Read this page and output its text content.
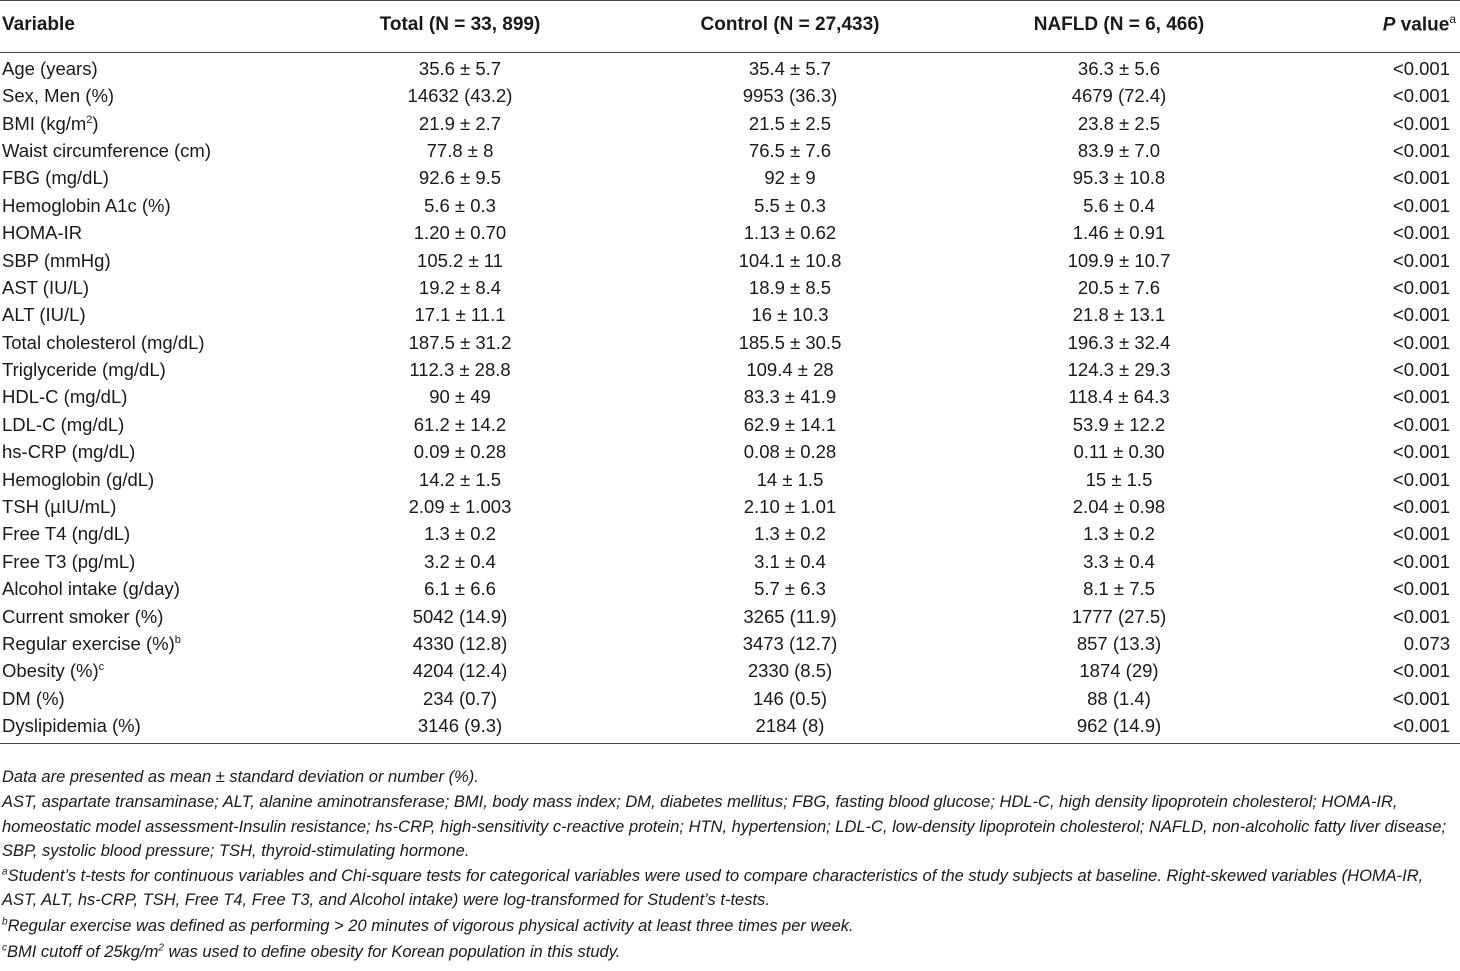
Variable	Total (N = 33, 899)	Control (N = 27,433)	NAFLD (N = 6, 466)	P value$^a$
Age (years)	35.6 ± 5.7	35.4 ± 5.7	36.3 ± 5.6	<0.001
Sex, Men (%)	14632 (43.2)	9953 (36.3)	4679 (72.4)	<0.001
BMI $(kg/m^2)$	21.9 ± 2.7	21.5 ± 2.5	23.8 ± 2.5	<0.001
Waist circumference (cm)	77.8 ± 8	76.5 ± 7.6	83.9 ± 7.0	<0.001
FBG (mg/dL)	92.6 ± 9.5	92 ± 9	95.3 ± 10.8	<0.001
Hemoglobin A1c (%)	5.6 ± 0.3	5.5 ± 0.3	5.6 ± 0.4	<0.001
HOMA-IR	1.20 ± 0.70	1.13 ± 0.62	1.46 ± 0.91	<0.001
SBP (mmHg)	105.2 ± 11	104.1 ± 10.8	109.9 ± 10.7	<0.001
AST (IU/L)	19.2 ± 8.4	18.9 ± 8.5	20.5 ± 7.6	<0.001
ALT (IU/L)	17.1 ± 11.1	16 ± 10.3	21.8 ± 13.1	<0.001
Total cholesterol (mg/dL)	187.5 ± 31.2	185.5 ± 30.5	196.3 ± 32.4	<0.001
Triglyceride (mg/dL)	112.3 ± 28.8	109.4 ± 28	124.3 ± 29.3	<0.001
HDL-C (mg/dL)	90 ± 49	83.3 ± 41.9	118.4 ± 64.3	<0.001
LDL-C (mg/dL)	61.2 ± 14.2	62.9 ± 14.1	53.9 ± 12.2	<0.001
hs-CRP (mg/dL)	0.09 ± 0.28	0.08 ± 0.28	0.11 ± 0.30	<0.001
Hemoglobin (g/dL)	14.2 ± 1.5	14 ± 1.5	15 ± 1.5	<0.001
TSH (µIU/mL)	2.09 ± 1.003	2.10 ± 1.01	2.04 ± 0.98	<0.001
Free T4 (ng/dL)	1.3 ± 0.2	1.3 ± 0.2	1.3 ± 0.2	<0.001
Free T3 (pg/mL)	3.2 ± 0.4	3.1 ± 0.4	3.3 ± 0.4	<0.001
Alcohol intake (g/day)	6.1 ± 6.6	5.7 ± 6.3	8.1 ± 7.5	<0.001
Current smoker (%)	5042 (14.9)	3265 (11.9)	1777 (27.5)	<0.001
Regular exercise (%)$^b$	4330 (12.8)	3473 (12.7)	857 (13.3)	0.073
Obesity (%)$^c$	4204 (12.4)	2330 (8.5)	1874 (29)	<0.001
DM (%)	234 (0.7)	146 (0.5)	88 (1.4)	<0.001
Dyslipidemia (%)	3146 (9.3)	2184 (8)	962 (14.9)	<0.001

Data are presented as mean ± standard deviation or number (%).

AST, aspartate transaminase; ALT, alanine aminotransferase; BMI, body mass index; DM, diabetes mellitus; FBG, fasting blood glucose; HDL-C, high density lipoprotein cholesterol; HOMA-IR, homeostatic model assessment-Insulin resistance; hs-CRP, high-sensitivity c-reactive protein; HTN, hypertension; LDL-C, low-density lipoprotein cholesterol; NAFLD, non-alcoholic fatty liver disease; SBP, systolic blood pressure; TSH, thyroid-stimulating hormone.

$^a$Student’s t-tests for continuous variables and Chi-square tests for categorical variables were used to compare characteristics of the study subjects at baseline. Right-skewed variables (HOMA-IR, AST, ALT, hs-CRP, TSH, Free T4, Free T3, and Alcohol intake) were log-transformed for Student’s t-tests.

$^b$Regular exercise was defined as performing > 20 minutes of vigorous physical activity at least three times per week.

$^c$BMI cutoff of $25kg/m^2$ was used to define obesity for Korean population in this study.
